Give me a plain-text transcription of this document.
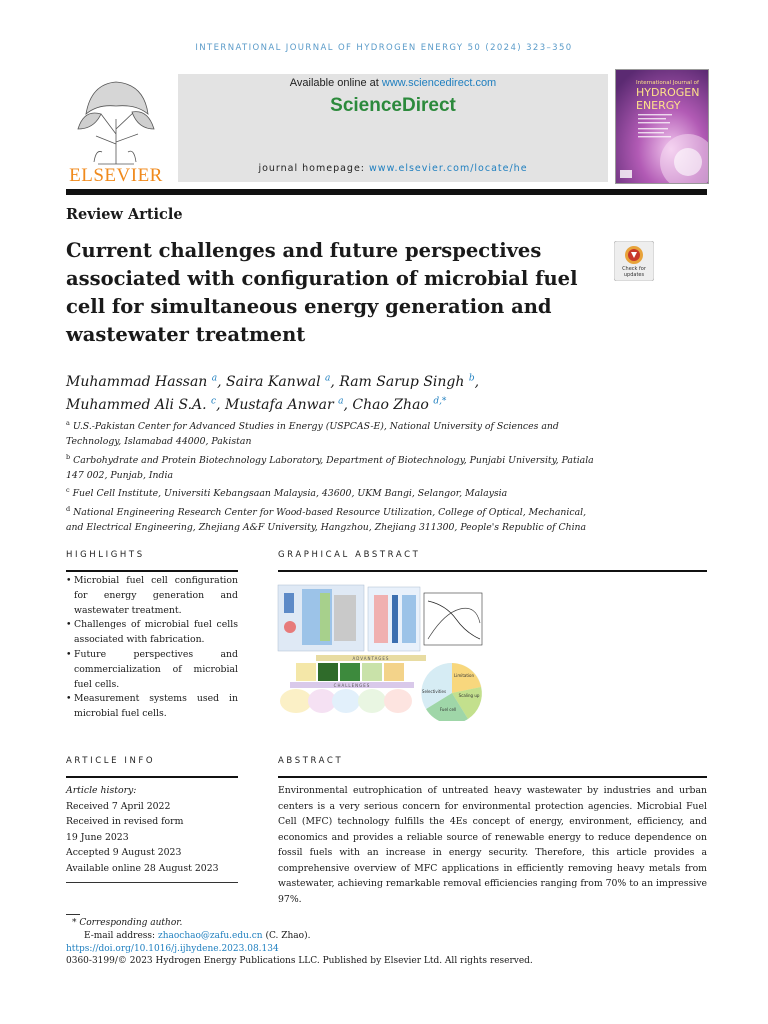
INTERNATIONAL JOURNAL OF HYDROGEN ENERGY 50 (2024) 323–350
ELSEVIER
Available online at www.sciencedirect.com
ScienceDirect
journal homepage: www.elsevier.com/locate/he
International Journal of
HYDROGEN
ENERGY
Review Article
Current challenges and future perspectives associated with configuration of microbial fuel cell for simultaneous energy generation and wastewater treatment
Check for
updates
Muhammad Hassan $^a$, Saira Kanwal $^a$, Ram Sarup Singh $^b$,
Muhammed Ali S.A. $^c$, Mustafa Anwar $^a$, Chao Zhao $^{d,*}$
$^a$ U.S.-Pakistan Center for Advanced Studies in Energy (USPCAS-E), National University of Sciences and Technology, Islamabad 44000, Pakistan
$^b$ Carbohydrate and Protein Biotechnology Laboratory, Department of Biotechnology, Punjabi University, Patiala 147 002, Punjab, India
$^c$ Fuel Cell Institute, Universiti Kebangsaan Malaysia, 43600, UKM Bangi, Selangor, Malaysia
$^d$ National Engineering Research Center for Wood-based Resource Utilization, College of Optical, Mechanical, and Electrical Engineering, Zhejiang A&F University, Hangzhou, Zhejiang 311300, People's Republic of China
HIGHLIGHTS
• Microbial fuel cell configuration for energy generation and wastewater treatment.
• Challenges of microbial fuel cells associated with fabrication.
• Future perspectives and commercialization of microbial fuel cells.
• Measurement systems used in microbial fuel cells.
GRAPHICAL ABSTRACT
ADVANTAGES
CHALLENGES
Limitation
Scaling up
Selectivities
Fuel cell
ARTICLE INFO
Article history:
Received 7 April 2022
Received in revised form
19 June 2023
Accepted 9 August 2023
Available online 28 August 2023
ABSTRACT
Environmental eutrophication of untreated heavy wastewater by industries and urban centers is a very serious concern for environmental protection agencies. Microbial Fuel Cell (MFC) technology fulfills the 4Es concept of energy, environment, efficiency, and economics and provides a reliable source of renewable energy to reduce dependence on fossil fuels with an increase in energy security. Therefore, this article provides a comprehensive overview of MFC applications in efficiently removing heavy metals from wastewater, achieving remarkable removal efficiencies ranging from 70% to an impressive 97%.
* Corresponding author.
E-mail address: zhaochao@zafu.edu.cn (C. Zhao).
https://doi.org/10.1016/j.ijhydene.2023.08.134
0360-3199/© 2023 Hydrogen Energy Publications LLC. Published by Elsevier Ltd. All rights reserved.
